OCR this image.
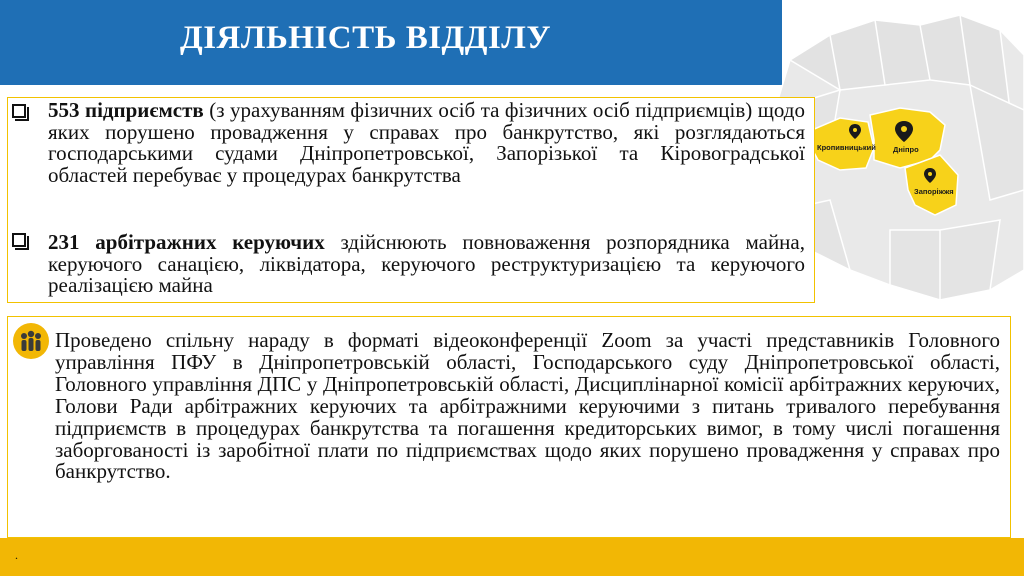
ДІЯЛЬНІСТЬ ВІДДІЛУ
Кропивницький Дніпро
Запоріжжя
553 підприємств (з урахуванням фізичних осіб та фізичних осіб підприємців) щодо яких порушено провадження у справах про банкрутство, які розглядаються господарськими судами Дніпропетровської, Запорізької та Кіровоградської областей перебуває у процедурах банкрутства
231 арбітражних керуючих здійснюють повноваження розпорядника майна, керуючого санацією, ліквідатора, керуючого реструктуризацією та керуючого реалізацією майна
Проведено спільну нараду в форматі відеоконференції Zoom за участі представників Головного управління ПФУ в Дніпропетровській області, Господарського суду Дніпропетровської області, Головного управління ДПС у Дніпропетровській області, Дисциплінарної комісії арбітражних керуючих, Голови Ради арбітражних керуючих та арбітражними керуючими з питань тривалого перебування підприємств в процедурах банкрутства та погашення кредиторських вимог, в тому числі погашення заборгованості із заробітної плати по підприємствах щодо яких порушено провадження у справах про банкрутство.
.
